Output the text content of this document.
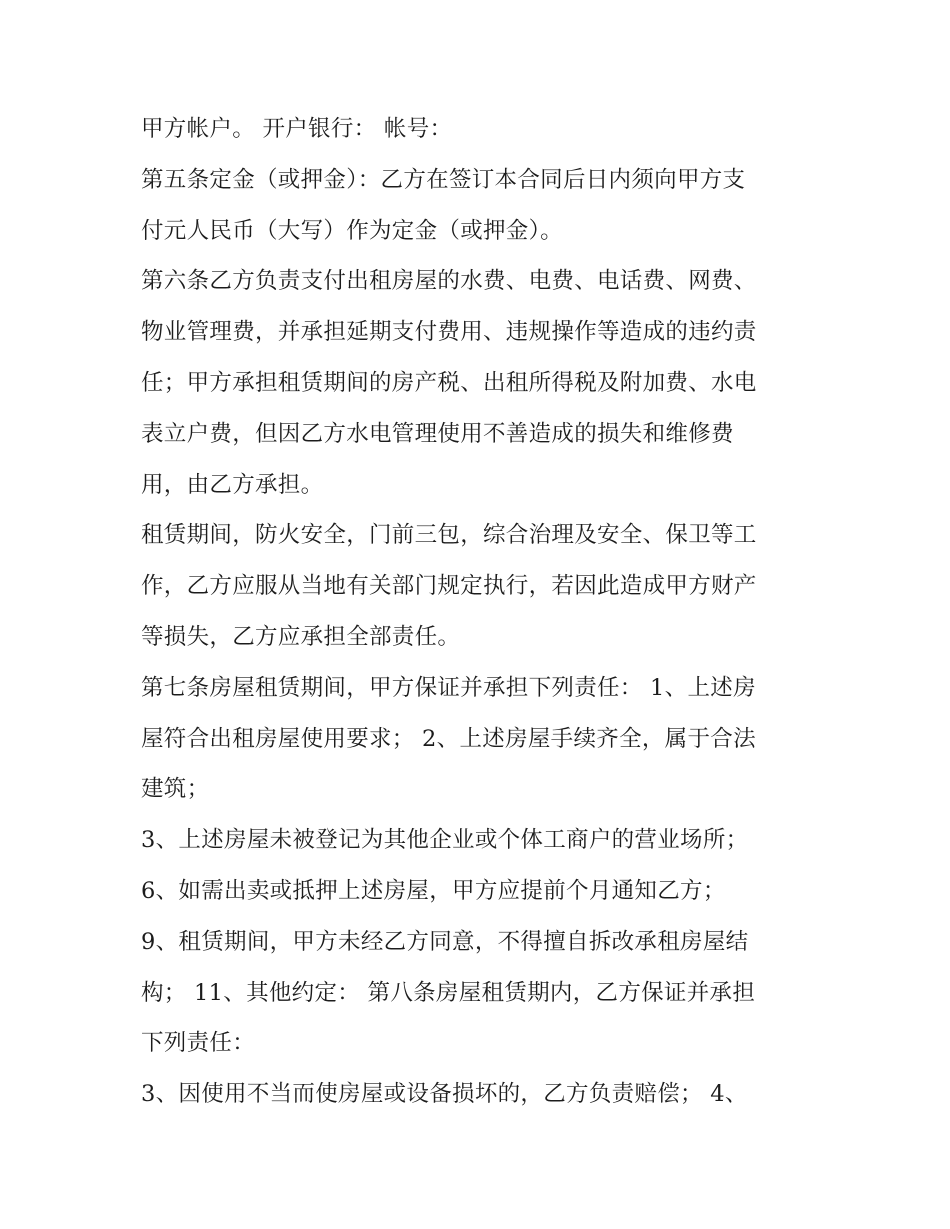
甲方帐户。 开户银行： 帐号：
第五条定金（或押金）：乙方在签订本合同后日内须向甲方支
付元人民币（大写）作为定金（或押金）。
第六条乙方负责支付出租房屋的水费、电费、电话费、网费、
物业管理费，并承担延期支付费用、违规操作等造成的违约责
任；甲方承担租赁期间的房产税、出租所得税及附加费、水电
表立户费，但因乙方水电管理使用不善造成的损失和维修费
用，由乙方承担。
租赁期间，防火安全，门前三包，综合治理及安全、保卫等工
作，乙方应服从当地有关部门规定执行，若因此造成甲方财产
等损失，乙方应承担全部责任。
第七条房屋租赁期间，甲方保证并承担下列责任： 1、上述房
屋符合出租房屋使用要求； 2、上述房屋手续齐全，属于合法
建筑；
3、上述房屋未被登记为其他企业或个体工商户的营业场所；
6、如需出卖或抵押上述房屋，甲方应提前个月通知乙方；
9、租赁期间，甲方未经乙方同意，不得擅自拆改承租房屋结
构； 11、其他约定： 第八条房屋租赁期内，乙方保证并承担
下列责任：
3、因使用不当而使房屋或设备损坏的，乙方负责赔偿； 4、
